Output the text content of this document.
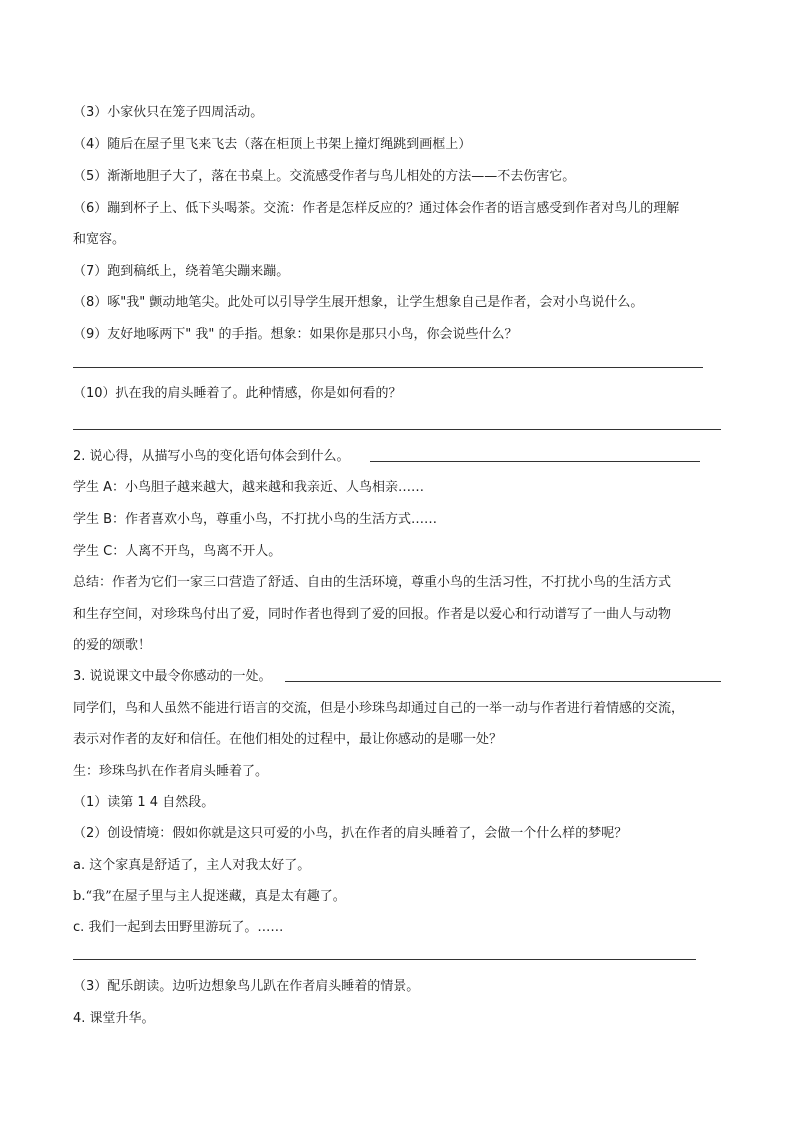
（3）小家伙只在笼子四周活动。
（4）随后在屋子里飞来飞去（落在柜顶上书架上撞灯绳跳到画框上）
（5）渐渐地胆子大了，落在书桌上。交流感受作者与鸟儿相处的方法——不去伤害它。
（6）蹦到杯子上、低下头喝茶。交流：作者是怎样反应的？通过体会作者的语言感受到作者对鸟儿的理解
和宽容。
（7）跑到稿纸上，绕着笔尖蹦来蹦。
（8）啄"我" 颤动地笔尖。此处可以引导学生展开想象，让学生想象自己是作者，会对小鸟说什么。
（9）友好地啄两下" 我" 的手指。想象：如果你是那只小鸟，你会说些什么？
（10）扒在我的肩头睡着了。此种情感，你是如何看的？
2. 说心得，从描写小鸟的变化语句体会到什么。
学生 A：小鸟胆子越来越大，越来越和我亲近、人鸟相亲……
学生 B：作者喜欢小鸟，尊重小鸟，不打扰小鸟的生活方式……
学生 C：人离不开鸟，鸟离不开人。
总结：作者为它们一家三口营造了舒适、自由的生活环境，尊重小鸟的生活习性，不打扰小鸟的生活方式
和生存空间，对珍珠鸟付出了爱，同时作者也得到了爱的回报。作者是以爱心和行动谱写了一曲人与动物
的爱的颂歌！
3. 说说课文中最令你感动的一处。
同学们，鸟和人虽然不能进行语言的交流，但是小珍珠鸟却通过自己的一举一动与作者进行着情感的交流，
表示对作者的友好和信任。在他们相处的过程中，最让你感动的是哪一处？
生：珍珠鸟扒在作者肩头睡着了。
（1）读第 1 4 自然段。
（2）创设情境：假如你就是这只可爱的小鸟，扒在作者的肩头睡着了，会做一个什么样的梦呢？
a. 这个家真是舒适了，主人对我太好了。
b.“我”在屋子里与主人捉迷藏，真是太有趣了。
c. 我们一起到去田野里游玩了。……
（3）配乐朗读。边听边想象鸟儿趴在作者肩头睡着的情景。
4. 课堂升华。
